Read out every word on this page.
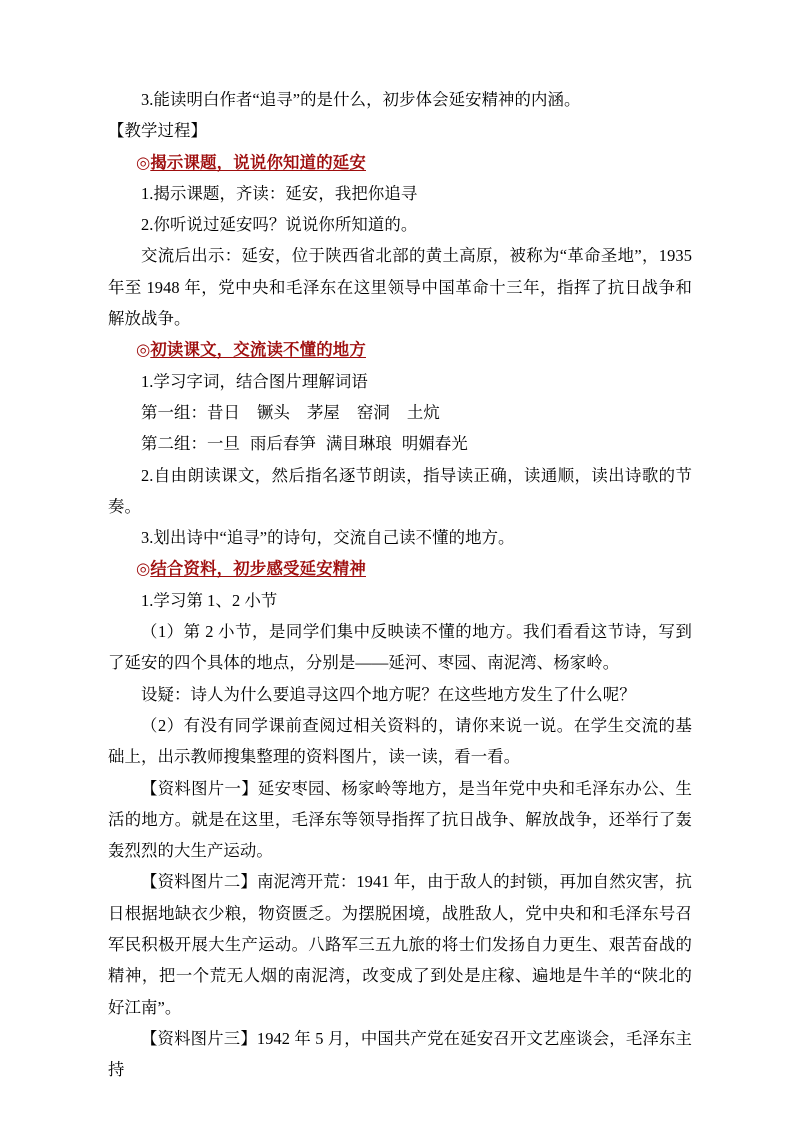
3.能读明白作者“追寻”的是什么，初步体会延安精神的内涵。

【教学过程】

◎揭示课题，说说你知道的延安

1.揭示课题，齐读：延安，我把你追寻

2.你听说过延安吗？说说你所知道的。

交流后出示：延安，位于陕西省北部的黄土高原，被称为“革命圣地”，1935 年至 1948 年，党中央和毛泽东在这里领导中国革命十三年，指挥了抗日战争和解放战争。

◎初读课文，交流读不懂的地方

1.学习字词，结合图片理解词语

第一组：昔日 镢头 茅屋 窑洞 土炕

第二组：一旦 雨后春笋 满目琳琅 明媚春光

2.自由朗读课文，然后指名逐节朗读，指导读正确，读通顺，读出诗歌的节奏。

3.划出诗中“追寻”的诗句，交流自己读不懂的地方。

◎结合资料，初步感受延安精神

1.学习第 1、2 小节

（1）第 2 小节，是同学们集中反映读不懂的地方。我们看看这节诗，写到了延安的四个具体的地点，分别是——延河、枣园、南泥湾、杨家岭。

设疑：诗人为什么要追寻这四个地方呢？在这些地方发生了什么呢？

（2）有没有同学课前查阅过相关资料的，请你来说一说。在学生交流的基础上，出示教师搜集整理的资料图片，读一读，看一看。

【资料图片一】延安枣园、杨家岭等地方，是当年党中央和毛泽东办公、生活的地方。就是在这里，毛泽东等领导指挥了抗日战争、解放战争，还举行了轰轰烈烈的大生产运动。

【资料图片二】南泥湾开荒：1941 年，由于敌人的封锁，再加自然灾害，抗日根据地缺衣少粮，物资匮乏。为摆脱困境，战胜敌人，党中央和和毛泽东号召军民积极开展大生产运动。八路军三五九旅的将士们发扬自力更生、艰苦奋战的精神，把一个荒无人烟的南泥湾，改变成了到处是庄稼、遍地是牛羊的“陕北的好江南”。

【资料图片三】1942 年 5 月，中国共产党在延安召开文艺座谈会，毛泽东主持
